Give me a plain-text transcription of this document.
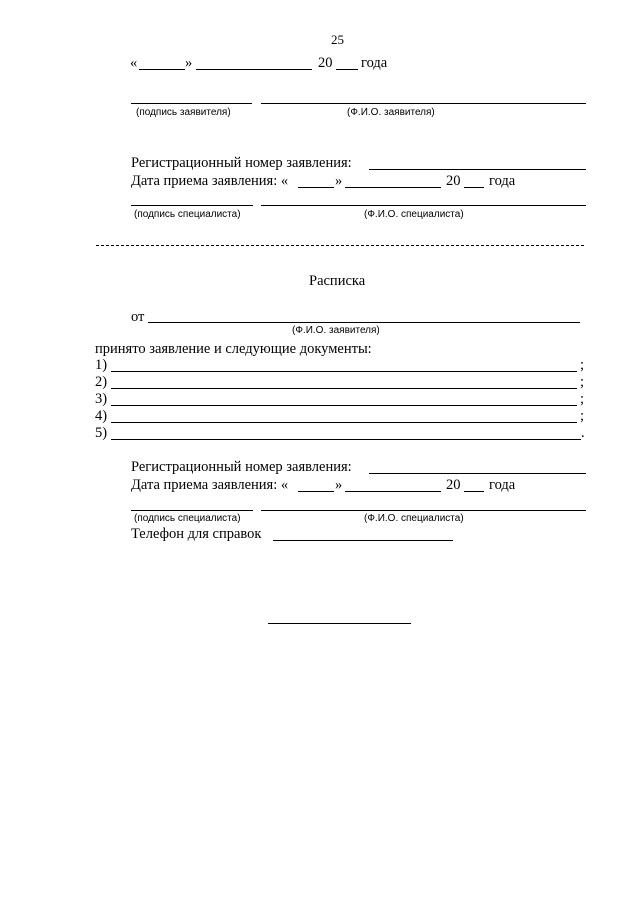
25
«	»	20 года
(подпись заявителя)	(Ф.И.О. заявителя)
Регистрационный номер заявления:
Дата приема заявления: «	»	20 года
(подпись специалиста)	(Ф.И.О. специалиста)
Расписка
от
(Ф.И.О. заявителя)
принято заявление и следующие документы:
1)	;
2)	;
3)	;
4)	;
5)	.
Регистрационный номер заявления:
Дата приема заявления: «	»	20 года
(подпись специалиста)	(Ф.И.О. специалиста)
Телефон для справок
